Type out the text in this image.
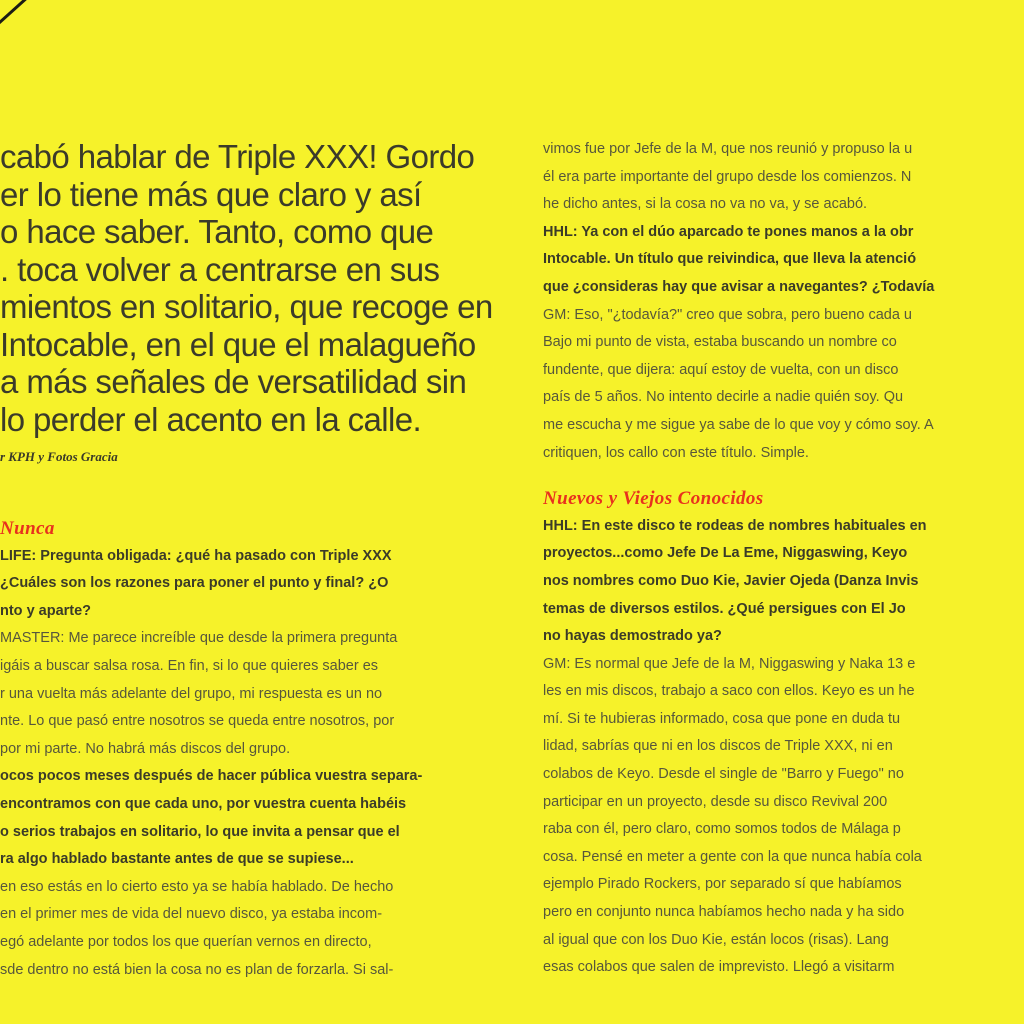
cabó hablar de Triple XXX! Gordo
er lo tiene más que claro y así
o hace saber. Tanto, como que
. toca volver a centrarse en sus
mientos en solitario, que recoge en
Intocable, en el que el malagueño
a más señales de versatilidad sin
lo perder el acento en la calle.
r KPH y Fotos Gracia
Nunca
LIFE: Pregunta obligada: ¿qué ha pasado con Triple XXX
¿Cuáles son los razones para poner el punto y final? ¿O
nto y aparte?
MASTER: Me parece increíble que desde la primera pregunta
igáis a buscar salsa rosa. En fin, si lo que quieres saber es
r una vuelta más adelante del grupo, mi respuesta es un no
nte. Lo que pasó entre nosotros se queda entre nosotros, por
por mi parte. No habrá más discos del grupo.
ocos pocos meses después de hacer pública vuestra separa-
encontramos con que cada uno, por vuestra cuenta habéis
o serios trabajos en solitario, lo que invita a pensar que el
ra algo hablado bastante antes de que se supiese...
en eso estás en lo cierto esto ya se había hablado. De hecho
en el primer mes de vida del nuevo disco, ya estaba incom-
egó adelante por todos los que querían vernos en directo,
sde dentro no está bien la cosa no es plan de forzarla. Si sal-
vimos fue por Jefe de la M, que nos reunió y propuso la u
él era parte importante del grupo desde los comienzos. N
he dicho antes, si la cosa no va no va, y se acabó.
HHL: Ya con el dúo aparcado te pones manos a la obr
Intocable. Un título que reivindica, que lleva la atenció
que ¿consideras hay que avisar a navegantes? ¿Todavía
GM: Eso, "¿todavía?" creo que sobra, pero bueno cada u
Bajo mi punto de vista, estaba buscando un nombre co
fundente, que dijera: aquí estoy de vuelta, con un disco
país de 5 años. No intento decirle a nadie quién soy. Qu
me escucha y me sigue ya sabe de lo que voy y cómo soy. A
critiquen, los callo con este título. Simple.
Nuevos y Viejos Conocidos
HHL: En este disco te rodeas de nombres habituales en
proyectos...como Jefe De La Eme, Niggaswing, Keyo
nos nombres como Duo Kie, Javier Ojeda (Danza Invis
temas de diversos estilos. ¿Qué persigues con El Jo
no hayas demostrado ya?
GM: Es normal que Jefe de la M, Niggaswing y Naka 13 e
les en mis discos, trabajo a saco con ellos. Keyo es un he
mí. Si te hubieras informado, cosa que pone en duda tu
lidad, sabrías que ni en los discos de Triple XXX, ni en
colabos de Keyo. Desde el single de "Barro y Fuego" no
participar en un proyecto, desde su disco Revival 200
raba con él, pero claro, como somos todos de Málaga p
cosa. Pensé en meter a gente con la que nunca había cola
ejemplo Pirado Rockers, por separado sí que habíamos
pero en conjunto nunca habíamos hecho nada y ha sido
al igual que con los Duo Kie, están locos (risas). Lang
esas colabos que salen de imprevisto. Llegó a visitarm
